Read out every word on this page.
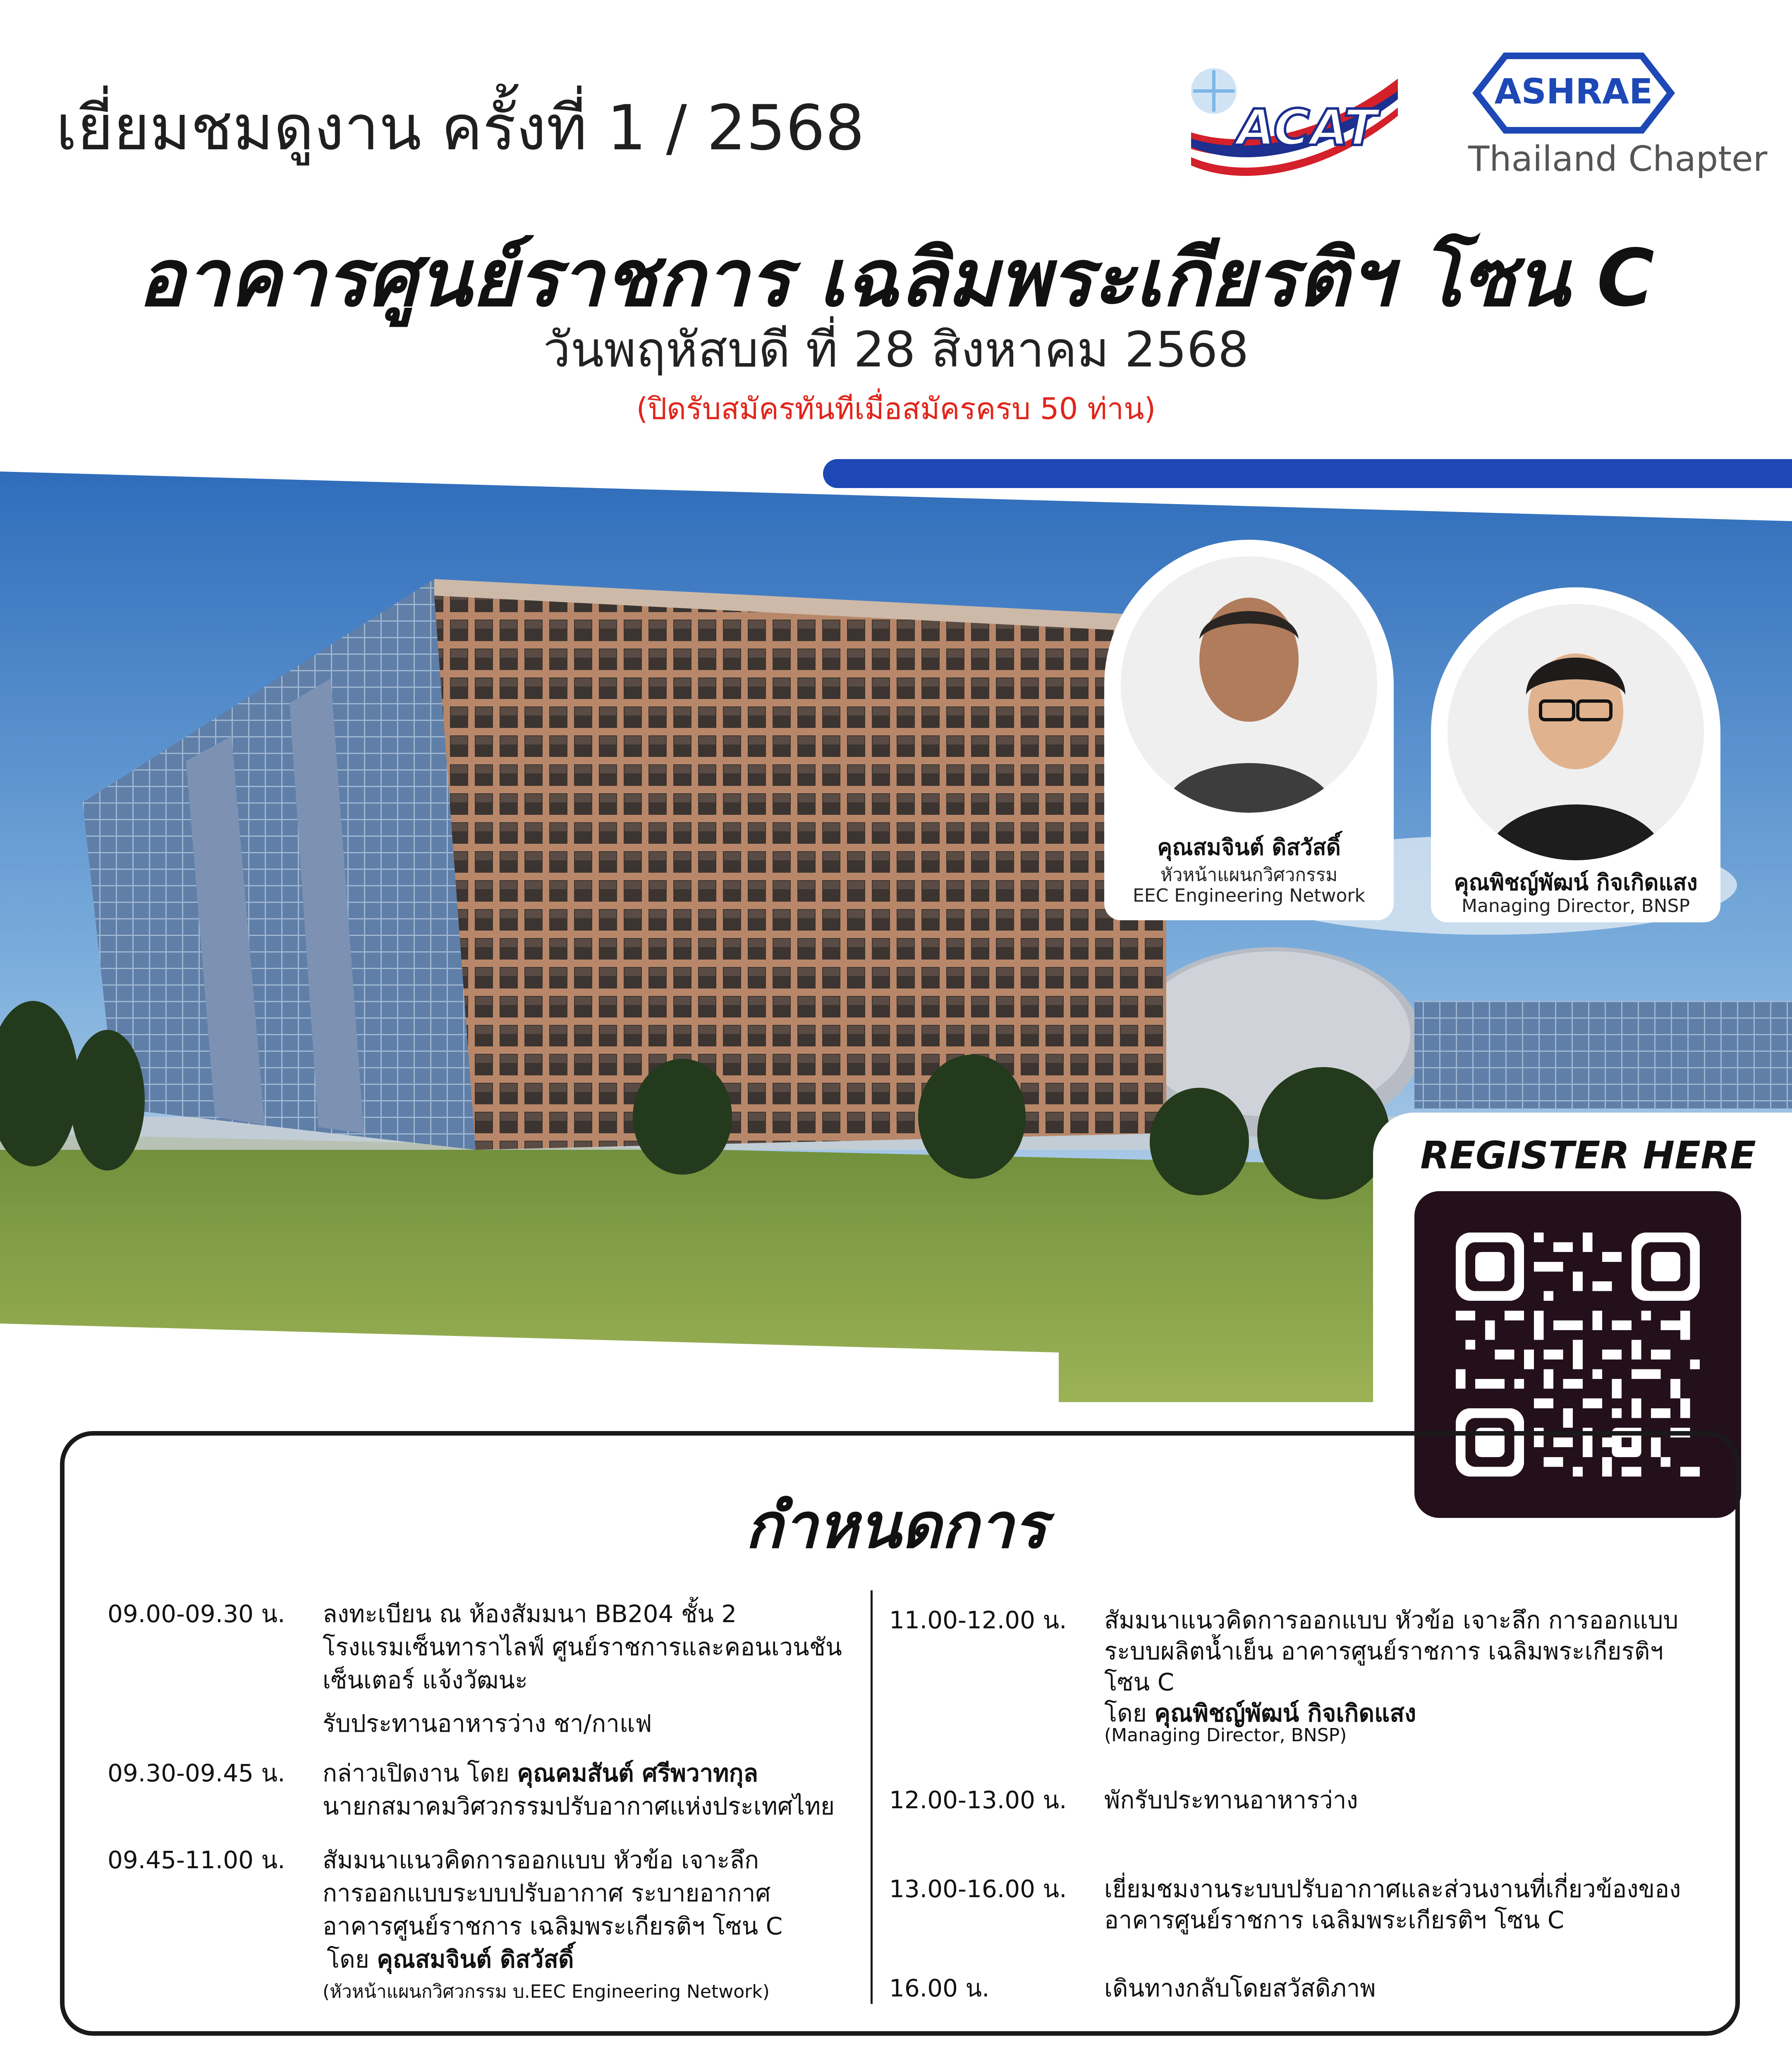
เยี่ยมชมดูงาน ครั้งที่ 1 / 2568	ACAT
ASHRAE
Thailand Chapter
อาคารศูนย์ราชการ เฉลิมพระเกียรติฯ โซน C
วันพฤหัสบดี ที่ 28 สิงหาคม 2568
(ปิดรับสมัครทันทีเมื่อสมัครครบ 50 ท่าน)
คุณสมจินต์ ดิสวัสดิ์
หัวหน้าแผนกวิศวกรรม
EEC Engineering Network
คุณพิชญ์พัฒน์ กิจเกิดแสง
Managing Director, BNSP
REGISTER HERE
กำหนดการ
09.00-09.30 น. ลงทะเบียน ณ ห้องสัมมนา BB204 ชั้น 2
โรงแรมเซ็นทาราไลฟ์ ศูนย์ราชการและคอนเวนชัน
เซ็นเตอร์ แจ้งวัฒนะ
รับประทานอาหารว่าง ชา/กาแฟ
09.30-09.45 น. กล่าวเปิดงาน โดย คุณคมสันต์ ศรีพวาทกุล
นายกสมาคมวิศวกรรมปรับอากาศแห่งประเทศไทย
09.45-11.00 น. สัมมนาแนวคิดการออกแบบ หัวข้อ เจาะลึก
การออกแบบระบบปรับอากาศ ระบายอากาศ
อาคารศูนย์ราชการ เฉลิมพระเกียรติฯ โซน C
โดย คุณสมจินต์ ดิสวัสดิ์
(หัวหน้าแผนกวิศวกรรม บ.EEC Engineering Network)
11.00-12.00 น. สัมมนาแนวคิดการออกแบบ หัวข้อ เจาะลึก การออกแบบ
ระบบผลิตน้ำเย็น อาคารศูนย์ราชการ เฉลิมพระเกียรติฯ
โซน C
โดย คุณพิชญ์พัฒน์ กิจเกิดแสง
(Managing Director, BNSP)
12.00-13.00 น. พักรับประทานอาหารว่าง
13.00-16.00 น. เยี่ยมชมงานระบบปรับอากาศและส่วนงานที่เกี่ยวข้องของ
อาคารศูนย์ราชการ เฉลิมพระเกียรติฯ โซน C
16.00 น.	เดินทางกลับโดยสวัสดิภาพ
